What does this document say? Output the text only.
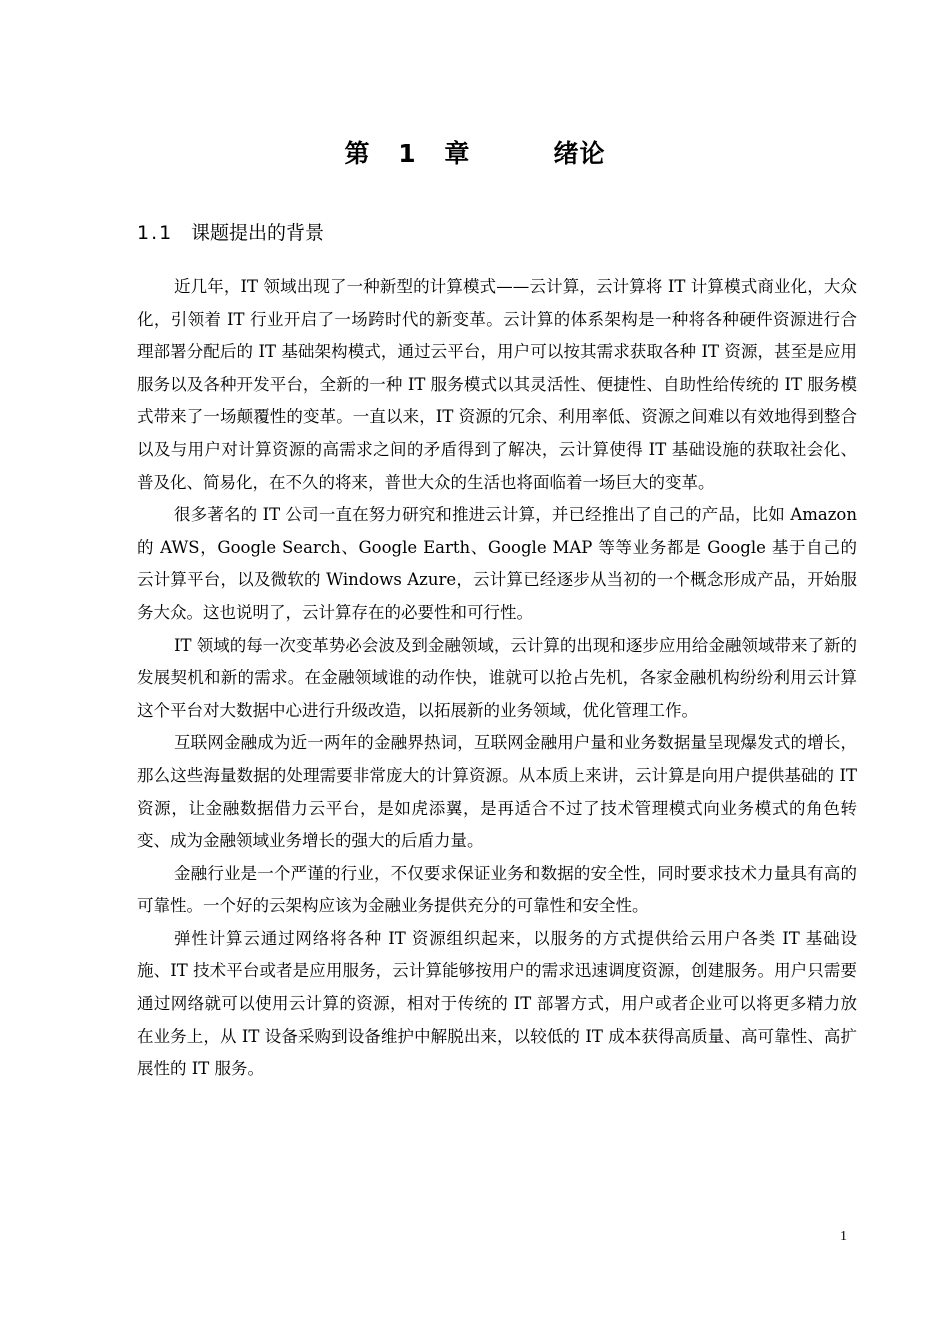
第 1 章   绪论
1.1 课题提出的背景

近几年，IT 领域出现了一种新型的计算模式——云计算，云计算将 IT 计算模式商业化，大众化，引领着 IT 行业开启了一场跨时代的新变革。云计算的体系架构是一种将各种硬件资源进行合理部署分配后的 IT 基础架构模式，通过云平台，用户可以按其需求获取各种 IT 资源，甚至是应用服务以及各种开发平台，全新的一种 IT 服务模式以其灵活性、便捷性、自助性给传统的 IT 服务模式带来了一场颠覆性的变革。一直以来，IT 资源的冗余、利用率低、资源之间难以有效地得到整合以及与用户对计算资源的高需求之间的矛盾得到了解决，云计算使得 IT 基础设施的获取社会化、普及化、简易化，在不久的将来，普世大众的生活也将面临着一场巨大的变革。

很多著名的 IT 公司一直在努力研究和推进云计算，并已经推出了自己的产品，比如 Amazon 的 AWS，Google Search、Google Earth、Google MAP 等等业务都是 Google 基于自己的云计算平台，以及微软的 Windows Azure，云计算已经逐步从当初的一个概念形成产品，开始服务大众。这也说明了，云计算存在的必要性和可行性。

IT 领域的每一次变革势必会波及到金融领域，云计算的出现和逐步应用给金融领域带来了新的发展契机和新的需求。在金融领域谁的动作快，谁就可以抢占先机，各家金融机构纷纷利用云计算这个平台对大数据中心进行升级改造，以拓展新的业务领域，优化管理工作。

互联网金融成为近一两年的金融界热词，互联网金融用户量和业务数据量呈现爆发式的增长，那么这些海量数据的处理需要非常庞大的计算资源。从本质上来讲，云计算是向用户提供基础的 IT 资源，让金融数据借力云平台，是如虎添翼，是再适合不过了技术管理模式向业务模式的角色转变、成为金融领域业务增长的强大的后盾力量。

金融行业是一个严谨的行业，不仅要求保证业务和数据的安全性，同时要求技术力量具有高的可靠性。一个好的云架构应该为金融业务提供充分的可靠性和安全性。

弹性计算云通过网络将各种 IT 资源组织起来，以服务的方式提供给云用户各类 IT 基础设施、IT 技术平台或者是应用服务，云计算能够按用户的需求迅速调度资源，创建服务。用户只需要通过网络就可以使用云计算的资源，相对于传统的 IT 部署方式，用户或者企业可以将更多精力放在业务上，从 IT 设备采购到设备维护中解脱出来，以较低的 IT 成本获得高质量、高可靠性、高扩展性的 IT 服务。

1
